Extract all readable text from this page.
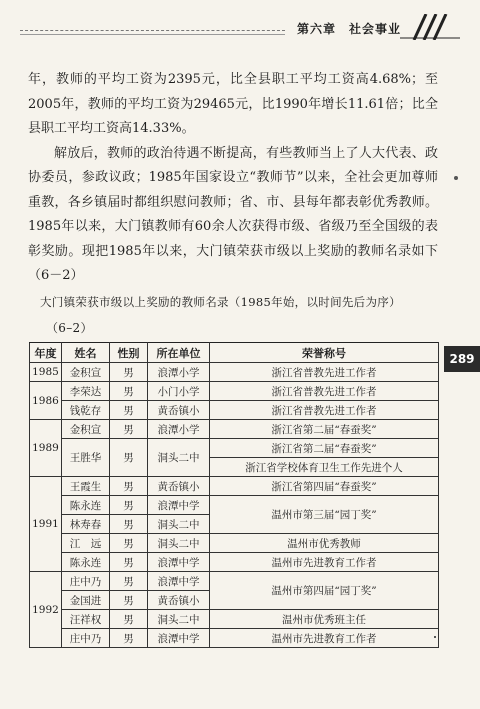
第六章　社会事业
289

年，教师的平均工资为2395元，比全县职工平均工资高4.68%；至2005年，教师的平均工资为29465元，比1990年增长11.61倍；比全县职工平均工资高14.33%。

解放后，教师的政治待遇不断提高，有些教师当上了人大代表、政协委员，参政议政；1985年国家设立“教师节”以来，全社会更加尊师重教，各乡镇届时都组织慰问教师；省、市、县每年都表彰优秀教师。1985年以来，大门镇教师有60余人次获得市级、省级乃至全国级的表彰奖励。现把1985年以来，大门镇荣获市级以上奖励的教师名录如下（6－2）

大门镇荣获市级以上奖励的教师名录（1985年始，以时间先后为序）
（6–2）
年度	姓名	性别	所在单位	荣誉称号
1985	金积宣	男	浪潭小学	浙江省普教先进工作者
1986	李荣达	男	小门小学	浙江省普教先进工作者
	钱乾存	男	黄岙镇小	浙江省普教先进工作者
1989	金积宣	男	浪潭小学	浙江省第二届“春蚕奖”
	王胜华	男	洞头二中	浙江省第二届“春蚕奖”

				浙江省学校体育卫生工作先进个人
1991	王霞生	男	黄岙镇小	浙江省第四届“春蚕奖”
	陈永连	男	浪潭中学	温州市第三届“园丁奖”
	林寿春	男	洞头二中	
	江　远	男	洞头二中	温州市优秀教师
	陈永连	男	浪潭中学	温州市先进教育工作者
1992	庄中乃	男	浪潭中学	温州市第四届“园丁奖”
	金国进	男	黄岙镇小	
	汪祥权	男	洞头二中	温州市优秀班主任
	庄中乃	男	浪潭中学	温州市先进教育工作者
